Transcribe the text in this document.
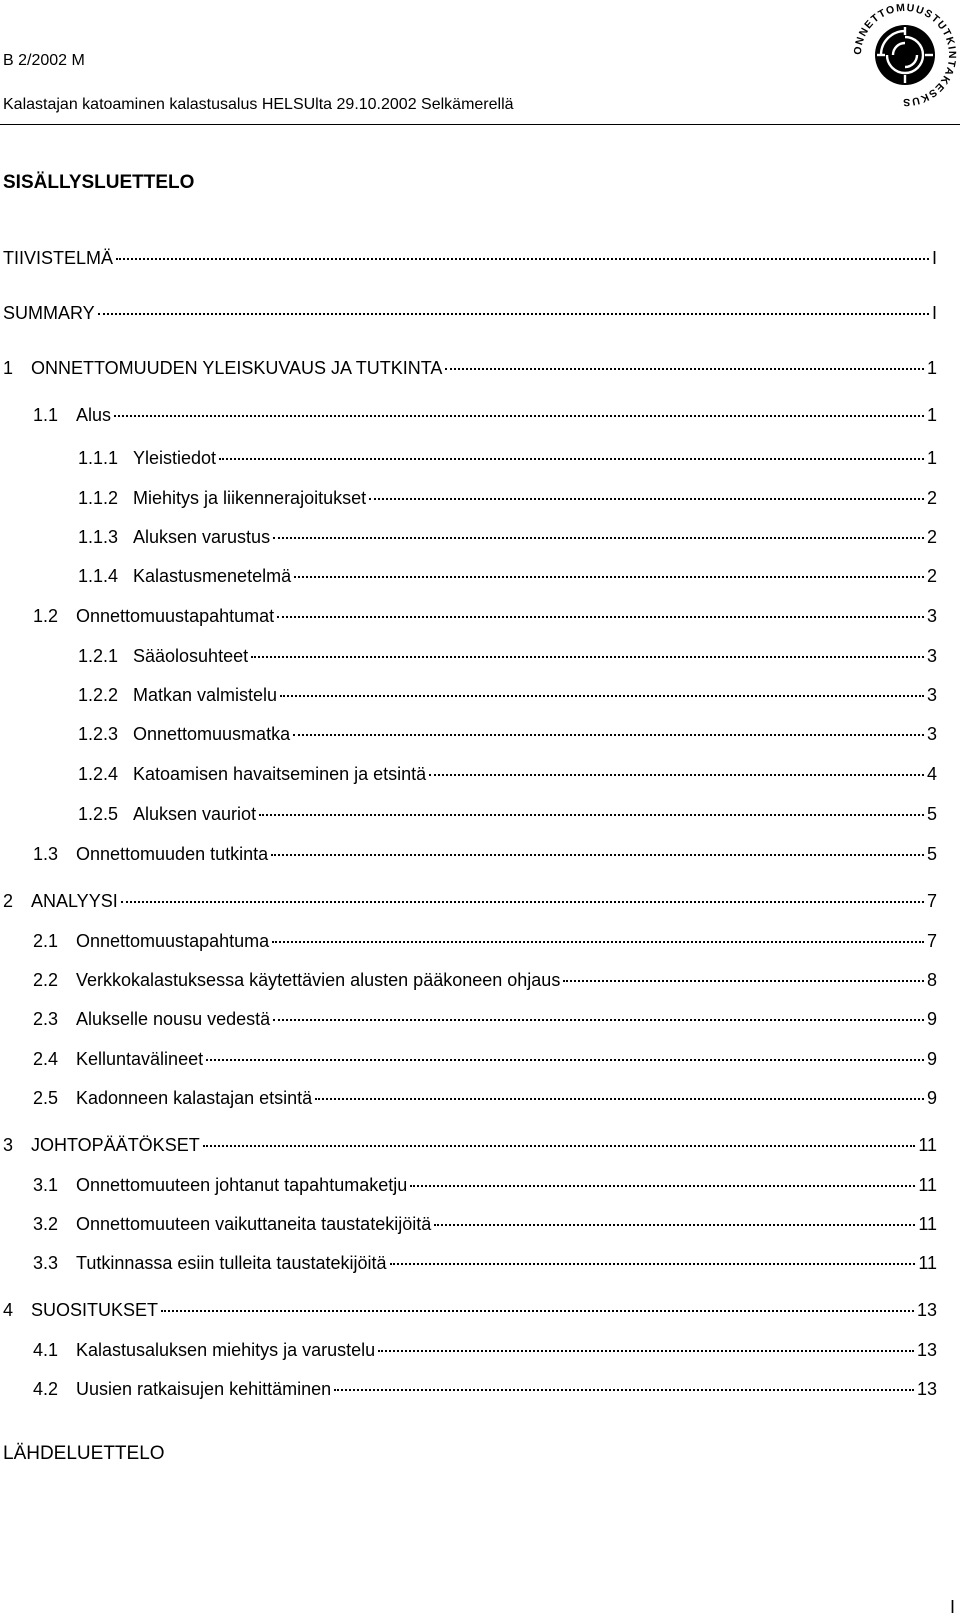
B 2/2002 M
Kalastajan katoaminen kalastusalus HELSUlta 29.10.2002 Selkämerellä
ONNETTOMUUSTUTKINTAKESKUS
SISÄLLYSLUETTELO
TIIVISTELMÄ	I
SUMMARY	I
1 ONNETTOMUUDEN YLEISKUVAUS JA TUTKINTA	1
1.1 Alus	1
1.1.1 Yleistiedot	1
1.1.2 Miehitys ja liikennerajoitukset	2
1.1.3 Aluksen varustus	2
1.1.4 Kalastusmenetelmä	2
1.2 Onnettomuustapahtumat	3
1.2.1 Sääolosuhteet	3
1.2.2 Matkan valmistelu	3
1.2.3 Onnettomuusmatka	3
1.2.4 Katoamisen havaitseminen ja etsintä	4
1.2.5 Aluksen vauriot	5
1.3 Onnettomuuden tutkinta	5
2 ANALYYSI	7
2.1 Onnettomuustapahtuma	7
2.2 Verkkokalastuksessa käytettävien alusten pääkoneen ohjaus	8
2.3 Alukselle nousu vedestä	9
2.4 Kelluntavälineet	9
2.5 Kadonneen kalastajan etsintä	9
3 JOHTOPÄÄTÖKSET	11
3.1 Onnettomuuteen johtanut tapahtumaketju	11
3.2 Onnettomuuteen vaikuttaneita taustatekijöitä	11
3.3 Tutkinnassa esiin tulleita taustatekijöitä	11
4 SUOSITUKSET	13
4.1 Kalastusaluksen miehitys ja varustelu	13
4.2 Uusien ratkaisujen kehittäminen	13
LÄHDELUETTELO
I
